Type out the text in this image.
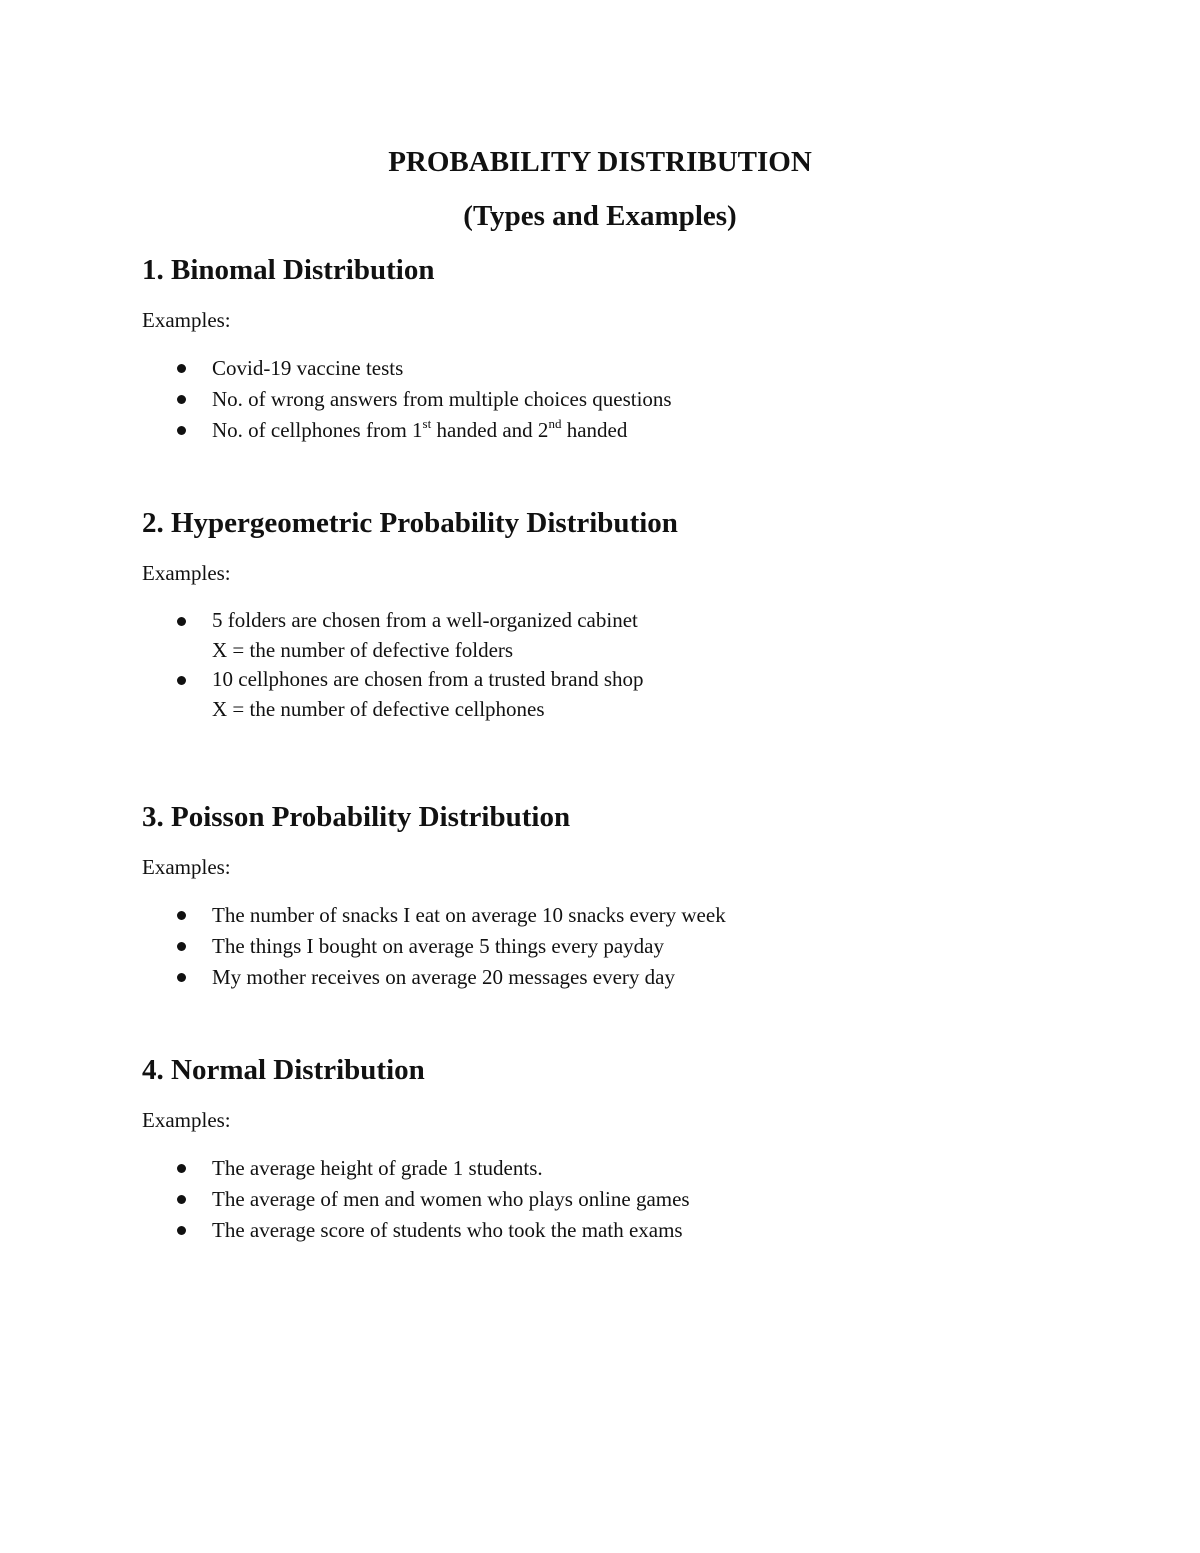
PROBABILITY DISTRIBUTION
(Types and Examples)
1. Binomal Distribution

Examples:

Covid-19 vaccine tests
No. of wrong answers from multiple choices questions
No. of cellphones from 1st handed and 2nd handed
2. Hypergeometric Probability Distribution

Examples:

5 folders are chosen from a well-organized cabinet
X = the number of defective folders
10 cellphones are chosen from a trusted brand shop
X = the number of defective cellphones
3. Poisson Probability Distribution

Examples:

The number of snacks I eat on average 10 snacks every week
The things I bought on average 5 things every payday
My mother receives on average 20 messages every day
4. Normal Distribution

Examples:

The average height of grade 1 students.
The average of men and women who plays online games
The average score of students who took the math exams
